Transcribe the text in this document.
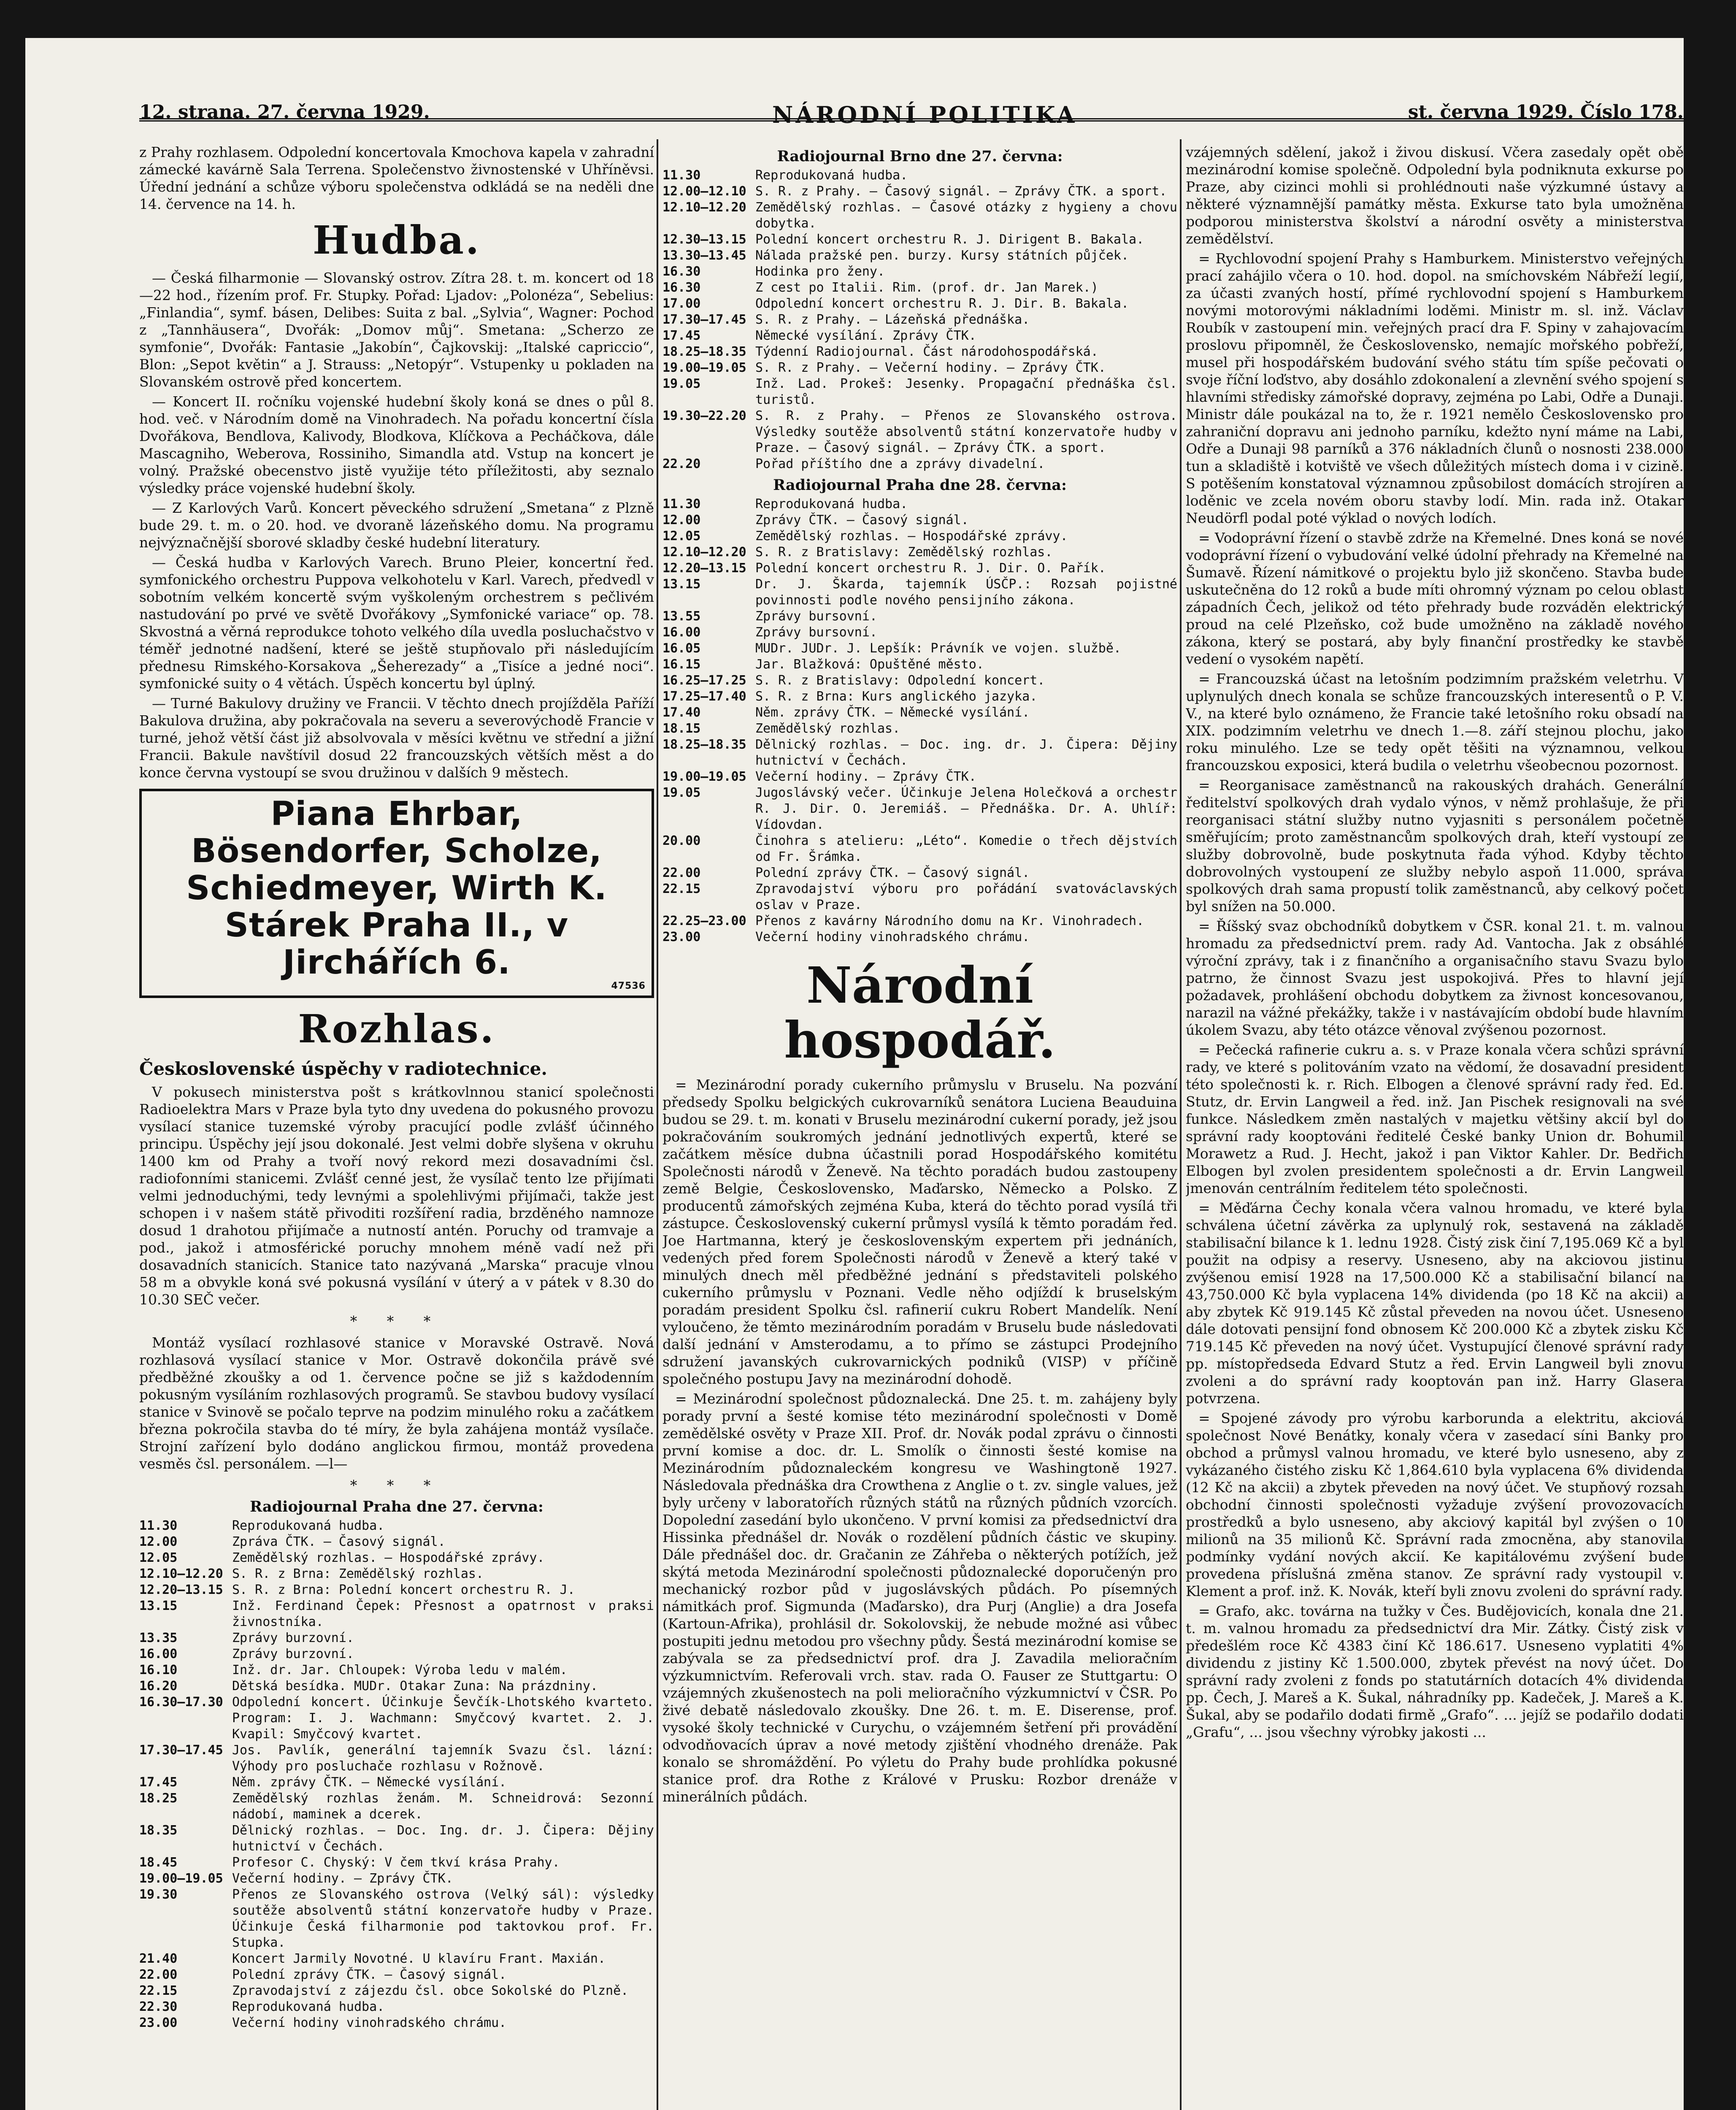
12. strana. 27. června 1929.	NÁRODNÍ POLITIKA	st. června 1929. Číslo 178.

z Prahy rozhlasem. Odpolední koncertovala Kmochova kapela v zahradní zámecké kavárně Sala Terrena. Společenstvo živnostenské v Uhříněvsi. Úřední jednání a schůze výboru společenstva odkládá se na neděli dne 14. července na 14. h.

Hudba.

— Česká filharmonie — Slovanský ostrov. Zítra 28. t. m. koncert od 18—22 hod., řízením prof. Fr. Stupky. Pořad: Ljadov: „Polonéza“, Sebelius: „Finlandia“, symf. básen, Delibes: Suita z bal. „Sylvia“, Wagner: Pochod z „Tannhäusera“, Dvořák: „Domov můj“. Smetana: „Scherzo ze symfonie“, Dvořák: Fantasie „Jakobín“, Čajkovskij: „Italské capriccio“, Blon: „Sepot květin“ a J. Strauss: „Netopýr“. Vstupenky u pokladen na Slovanském ostrově před koncertem.

— Koncert II. ročníku vojenské hudební školy koná se dnes o půl 8. hod. več. v Národním domě na Vinohradech. Na pořadu koncertní čísla Dvořákova, Bendlova, Kalivody, Blodkova, Klíčkova a Pecháčkova, dále Mascagniho, Weberova, Rossiniho, Simandla atd. Vstup na koncert je volný. Pražské obecenstvo jistě využije této příležitosti, aby seznalo výsledky práce vojenské hudební školy.

— Z Karlových Varů. Koncert pěveckého sdružení „Smetana“ z Plzně bude 29. t. m. o 20. hod. ve dvoraně lázeňského domu. Na programu nejvýznačnější sborové skladby české hudební literatury.

— Česká hudba v Karlových Varech. Bruno Pleier, koncertní řed. symfonického orchestru Puppova velkohotelu v Karl. Varech, předvedl v sobotním velkém koncertě svým vyškoleným orchestrem s pečlivém nastudování po prvé ve světě Dvořákovy „Symfonické variace“ op. 78. Skvostná a věrná reprodukce tohoto velkého díla uvedla posluchačstvo v téměř jednotné nadšení, které se ještě stupňovalo při následujícím přednesu Rimského-Korsakova „Šeherezady“ a „Tisíce a jedné noci“. symfonické suity o 4 větách. Úspěch koncertu byl úplný.

— Turné Bakulovy družiny ve Francii. V těchto dnech projížděla Paříží Bakulova družina, aby pokračovala na severu a severovýchodě Francie v turné, jehož větší část již absolvovala v měsíci květnu ve střední a jižní Francii. Bakule navštívil dosud 22 francouzských větších měst a do konce června vystoupí se svou družinou v dalších 9 městech.

Piana Ehrbar, Bösendorfer, Scholze, Schiedmeyer, Wirth K. Stárek Praha II., v Jirchářích 6.
47536
Rozhlas.
Československé úspěchy v radiotechnice.

V pokusech ministerstva pošt s krátkovlnnou stanicí společnosti Radioelektra Mars v Praze byla tyto dny uvedena do pokusného provozu vysílací stanice tuzemské výroby pracující podle zvlášť účinného principu. Úspěchy její jsou dokonalé. Jest velmi dobře slyšena v okruhu 1400 km od Prahy a tvoří nový rekord mezi dosavadními čsl. radiofonními stanicemi. Zvlášť cenné jest, že vysílač tento lze přijímati velmi jednoduchými, tedy levnými a spolehlivými přijímači, takže jest schopen i v našem státě přivoditi rozšíření radia, brzděného namnoze dosud 1 drahotou přijímače a nutností antén. Poruchy od tramvaje a pod., jakož i atmosférické poruchy mnohem méně vadí než při dosavadních stanicích. Stanice tato nazývaná „Marska“ pracuje vlnou 58 m a obvykle koná své pokusná vysílání v úterý a v pátek v 8.30 do 10.30 SEČ večer.

* * *

Montáž vysílací rozhlasové stanice v Moravské Ostravě. Nová rozhlasová vysílací stanice v Mor. Ostravě dokončila právě své předběžné zkoušky a od 1. července počne se již s každodenním pokusným vysíláním rozhlasových programů. Se stavbou budovy vysílací stanice v Svinově se počalo teprve na podzim minulého roku a začátkem března pokročila stavba do té míry, že byla zahájena montáž vysílače. Strojní zařízení bylo dodáno anglickou firmou, montáž provedena vesměs čsl. personálem. —l—

* * *

Radiojournal Praha dne 27. června:

11.30	Reprodukovaná hudba.
12.00	Zpráva ČTK. — Časový signál.
12.05	Zemědělský rozhlas. — Hospodářské zprávy.
12.10—12.20 S. R. z Brna: Zemědělský rozhlas.
12.20—13.15 S. R. z Brna: Polední koncert orchestru R. J.
13.15	Inž. Ferdinand Čepek: Přesnost a opatrnost v praksi živnostníka.
13.35	Zprávy burzovní.
16.00	Zprávy burzovní.
16.10	Inž. dr. Jar. Chloupek: Výroba ledu v malém.
16.20	Dětská besídka. MUDr. Otakar Zuna: Na prázdniny.
16.30—17.30 Odpolední koncert. Účinkuje Ševčík-Lhotského kvarteto. Program: I. J. Wachmann: Smyčcový kvartet. 2. J. Kvapil: Smyčcový kvartet.
17.30—17.45 Jos. Pavlík, generální tajemník Svazu čsl. lázní: Výhody pro posluchače rozhlasu v Rožnově.
17.45	Něm. zprávy ČTK. — Německé vysílání.
18.25	Zemědělský rozhlas ženám. M. Schneidrová: Sezonní nádobí, maminek a dcerek.
18.35	Dělnický rozhlas. — Doc. Ing. dr. J. Čipera: Dějiny hutnictví v Čechách.
18.45	Profesor C. Chyský: V čem tkví krása Prahy.
19.00—19.05 Večerní hodiny. — Zprávy ČTK.
19.30	Přenos ze Slovanského ostrova (Velký sál): výsledky soutěže absolventů státní konzervatoře hudby v Praze. Účinkuje Česká filharmonie pod taktovkou prof. Fr. Stupka.
21.40	Koncert Jarmily Novotné. U klavíru Frant. Maxián.
22.00	Polední zprávy ČTK. — Časový signál.
22.15	Zpravodajství z zájezdu čsl. obce Sokolské do Plzně.
22.30	Reprodukovaná hudba.
23.00	Večerní hodiny vinohradského chrámu.

Radiojournal Brno dne 27. června:

11.30	Reprodukovaná hudba.
12.00—12.10 S. R. z Prahy. — Časový signál. — Zprávy ČTK. a sport.
12.10—12.20 Zemědělský rozhlas. — Časové otázky z hygieny a chovu dobytka.
12.30—13.15 Polední koncert orchestru R. J. Dirigent B. Bakala.
13.30—13.45 Nálada pražské pen. burzy. Kursy státních půjček.
16.30	Hodinka pro ženy.
16.30	Z cest po Italii. Rim. (prof. dr. Jan Marek.)
17.00	Odpolední koncert orchestru R. J. Dir. B. Bakala.
17.30—17.45 S. R. z Prahy. — Lázeňská přednáška.
17.45	Německé vysílání. Zprávy ČTK.
18.25—18.35 Týdenní Radiojournal. Část národohospodářská.
19.00—19.05 S. R. z Prahy. — Večerní hodiny. — Zprávy ČTK.
19.05	Inž. Lad. Prokeš: Jesenky. Propagační přednáška čsl. turistů.
19.30—22.20 S. R. z Prahy. — Přenos ze Slovanského ostrova. Výsledky soutěže absolventů státní konzervatoře hudby v Praze. — Časový signál. — Zprávy ČTK. a sport.
22.20	Pořad příštího dne a zprávy divadelní.

Radiojournal Praha dne 28. června:

11.30	Reprodukovaná hudba.
12.00	Zprávy ČTK. — Časový signál.
12.05	Zemědělský rozhlas. — Hospodářské zprávy.
12.10—12.20 S. R. z Bratislavy: Zemědělský rozhlas.
12.20—13.15 Polední koncert orchestru R. J. Dir. O. Pařík.
13.15	Dr. J. Škarda, tajemník ÚSČP.: Rozsah pojistné povinnosti podle nového pensijního zákona.
13.55	Zprávy bursovní.
16.00	Zprávy bursovní.
16.05	MUDr. JUDr. J. Lepšík: Právník ve vojen. službě.
16.15	Jar. Blažková: Opuštěné město.
16.25—17.25 S. R. z Bratislavy: Odpolední koncert.
17.25—17.40 S. R. z Brna: Kurs anglického jazyka.
17.40	Něm. zprávy ČTK. — Německé vysílání.
18.15	Zemědělský rozhlas.
18.25—18.35 Dělnický rozhlas. — Doc. ing. dr. J. Čipera: Dějiny hutnictví v Čechách.
19.00—19.05 Večerní hodiny. — Zprávy ČTK.
19.05	Jugoslávský večer. Účinkuje Jelena Holečková a orchestr R. J. Dir. O. Jeremiáš. — Přednáška. Dr. A. Uhlíř: Vídovdan.
20.00	Činohra s atelieru: „Léto“. Komedie o třech dějstvích od Fr. Šrámka.
22.00	Polední zprávy ČTK. — Časový signál.
22.15	Zpravodajství výboru pro pořádání svatováclavských oslav v Praze.
22.25—23.00 Přenos z kavárny Národního domu na Kr. Vinohradech.
23.00	Večerní hodiny vinohradského chrámu.
Národní hospodář.

= Mezinárodní porady cukerního průmyslu v Bruselu. Na pozvání předsedy Spolku belgických cukrovarníků senátora Luciena Beauduina budou se 29. t. m. konati v Bruselu mezinárodní cukerní porady, jež jsou pokračováním soukromých jednání jednotlivých expertů, které se začátkem měsíce dubna účastnili porad Hospodářského komitétu Společnosti národů v Ženevě. Na těchto poradách budou zastoupeny země Belgie, Československo, Maďarsko, Německo a Polsko. Z producentů zámořských zejména Kuba, která do těchto porad vysílá tři zástupce. Československý cukerní průmysl vysílá k těmto poradám řed. Joe Hartmanna, který je československým expertem při jednáních, vedených před forem Společnosti národů v Ženevě a který také v minulých dnech měl předběžné jednání s představiteli polského cukerního průmyslu v Poznani. Vedle něho odjíždí k bruselským poradám president Spolku čsl. rafinerií cukru Robert Mandelík. Není vyloučeno, že těmto mezinárodním poradám v Bruselu bude následovati další jednání v Amsterodamu, a to přímo se zástupci Prodejního sdružení javanských cukrovarnických podniků (VISP) v příčině společného postupu Javy na mezinárodní dohodě.

= Mezinárodní společnost půdoznalecká. Dne 25. t. m. zahájeny byly porady první a šesté komise této mezinárodní společnosti v Domě zemědělské osvěty v Praze XII. Prof. dr. Novák podal zprávu o činnosti první komise a doc. dr. L. Smolík o činnosti šesté komise na Mezinárodním půdoznaleckém kongresu ve Washingtoně 1927. Následovala přednáška dra Crowthena z Anglie o t. zv. single values, jež byly určeny v laboratořích různých států na různých půdních vzorcích. Dopolední zasedání bylo ukončeno. V první komisi za předsednictví dra Hissinka přednášel dr. Novák o rozdělení půdních částic ve skupiny. Dále přednášel doc. dr. Gračanin ze Záhřeba o některých potížích, jež skýtá metoda Mezinárodní společnosti půdoznalecké doporučenýn pro mechanický rozbor půd v jugoslávských půdách. Po písemných námitkách prof. Sigmunda (Maďarsko), dra Purj (Anglie) a dra Josefa (Kartoun-Afrika), prohlásil dr. Sokolovskij, že nebude možné asi vůbec postupiti jednu metodou pro všechny půdy. Šestá mezinárodní komise se zabývala se za předsednictví prof. dra J. Zavadila melioračním výzkumnictvím. Referovali vrch. stav. rada O. Fauser ze Stuttgartu: O vzájemných zkušenostech na poli melioračního výzkumnictví v ČSR. Po živé debatě následovalo zkoušky. Dne 26. t. m. E. Diserense, prof. vysoké školy technické v Curychu, o vzájemném šetření při provádění odvodňovacích úprav a nové metody zjištění vhodného drenáže. Pak konalo se shromáždění. Po výletu do Prahy bude prohlídka pokusné stanice prof. dra Rothe z Králové v Prusku: Rozbor drenáže v minerálních půdách.

vzájemných sdělení, jakož i živou diskusí. Včera zasedaly opět obě mezinárodní komise společně. Odpolední byla podniknuta exkurse po Praze, aby cizinci mohli si prohlédnouti naše výzkumné ústavy a některé významnější památky města. Exkurse tato byla umožněna podporou ministerstva školství a národní osvěty a ministerstva zemědělství.

= Rychlovodní spojení Prahy s Hamburkem. Ministerstvo veřejných prací zahájilo včera o 10. hod. dopol. na smíchovském Nábřeží legií, za účasti zvaných hostí, přímé rychlovodní spojení s Hamburkem novými motorovými nákladními loděmi. Ministr m. sl. inž. Václav Roubík v zastoupení min. veřejných prací dra F. Spiny v zahajovacím proslovu připomněl, že Československo, nemajíc mořského pobřeží, musel při hospodářském budování svého státu tím spíše pečovati o svoje říční loďstvo, aby dosáhlo zdokonalení a zlevnění svého spojení s hlavními středisky zámořské dopravy, zejména po Labi, Odře a Dunaji. Ministr dále poukázal na to, že r. 1921 nemělo Československo pro zahraniční dopravu ani jednoho parníku, kdežto nyní máme na Labi, Odře a Dunaji 98 parníků a 376 nákladních člunů o nosnosti 238.000 tun a skladiště i kotviště ve všech důležitých místech doma i v cizině. S potěšením konstatoval významnou způsobilost domácích strojíren a loděnic ve zcela novém oboru stavby lodí. Min. rada inž. Otakar Neudörfl podal poté výklad o nových lodích.

= Vodoprávní řízení o stavbě zdrže na Křemelné. Dnes koná se nové vodoprávní řízení o vybudování velké údolní přehrady na Křemelné na Šumavě. Řízení námitkové o projektu bylo již skončeno. Stavba bude uskutečněna do 12 roků a bude míti ohromný význam po celou oblast západních Čech, jelikož od této přehrady bude rozváděn elektrický proud na celé Plzeňsko, což bude umožněno na základě nového zákona, který se postará, aby byly finanční prostředky ke stavbě vedení o vysokém napětí.

= Francouzská účast na letošním podzimním pražském veletrhu. V uplynulých dnech konala se schůze francouzských interesentů o P. V. V., na které bylo oznámeno, že Francie také letošního roku obsadí na XIX. podzimním veletrhu ve dnech 1.—8. září stejnou plochu, jako roku minulého. Lze se tedy opět těšiti na významnou, velkou francouzskou exposici, která budila o veletrhu všeobecnou pozornost.

= Reorganisace zaměstnanců na rakouských drahách. Generální ředitelství spolkových drah vydalo výnos, v němž prohlašuje, že při reorganisaci státní služby nutno vyjasniti s personálem početně směřujícím; proto zaměstnancům spolkových drah, kteří vystoupí ze služby dobrovolně, bude poskytnuta řada výhod. Kdyby těchto dobrovolných vystoupení ze služby nebylo aspoň 11.000, správa spolkových drah sama propustí tolik zaměstnanců, aby celkový počet byl snížen na 50.000.

= Říšský svaz obchodníků dobytkem v ČSR. konal 21. t. m. valnou hromadu za předsednictví prem. rady Ad. Vantocha. Jak z obsáhlé výroční zprávy, tak i z finančního a organisačního stavu Svazu bylo patrno, že činnost Svazu jest uspokojivá. Přes to hlavní její požadavek, prohlášení obchodu dobytkem za živnost koncesovanou, narazil na vážné překážky, takže i v nastávajícím období bude hlavním úkolem Svazu, aby této otázce věnoval zvýšenou pozornost.

= Pečecká rafinerie cukru a. s. v Praze konala včera schůzi správní rady, ve které s politováním vzato na vědomí, že dosavadní president této společnosti k. r. Rich. Elbogen a členové správní rady řed. Ed. Stutz, dr. Ervin Langweil a řed. inž. Jan Pischek resignovali na své funkce. Následkem změn nastalých v majetku většiny akcií byl do správní rady kooptováni ředitelé České banky Union dr. Bohumil Morawetz a Rud. J. Hecht, jakož i pan Viktor Kahler. Dr. Bedřich Elbogen byl zvolen presidentem společnosti a dr. Ervin Langweil jmenován centrálním ředitelem této společnosti.

= Měďárna Čechy konala včera valnou hromadu, ve které byla schválena účetní závěrka za uplynulý rok, sestavená na základě stabilisační bilance k 1. lednu 1928. Čistý zisk činí 7,195.069 Kč a byl použit na odpisy a reservy. Usneseno, aby na akciovou jistinu zvýšenou emisí 1928 na 17,500.000 Kč a stabilisační bilancí na 43,750.000 Kč byla vyplacena 14% dividenda (po 18 Kč na akcii) a aby zbytek Kč 919.145 Kč zůstal převeden na novou účet. Usneseno dále dotovati pensijní fond obnosem Kč 200.000 Kč a zbytek zisku Kč 719.145 Kč převeden na nový účet. Vystupující členové správní rady pp. místopředseda Edvard Stutz a řed. Ervin Langweil byli znovu zvoleni a do správní rady kooptován pan inž. Harry Glasera potvrzena.

= Spojené závody pro výrobu karborunda a elektritu, akciová společnost Nové Benátky, konaly včera v zasedací síni Banky pro obchod a průmysl valnou hromadu, ve které bylo usneseno, aby z vykázaného čistého zisku Kč 1,864.610 byla vyplacena 6% dividenda (12 Kč na akcii) a zbytek převeden na nový účet. Ve stupňový rozsah obchodní činnosti společnosti vyžaduje zvýšení provozovacích prostředků a bylo usneseno, aby akciový kapitál byl zvýšen o 10 milionů na 35 milionů Kč. Správní rada zmocněna, aby stanovila podmínky vydání nových akcií. Ke kapitálovému zvýšení bude provedena příslušná změna stanov. Ze správní rady vystoupil v. Klement a prof. inž. K. Novák, kteří byli znovu zvoleni do správní rady.

= Grafo, akc. továrna na tužky v Čes. Budějovicích, konala dne 21. t. m. valnou hromadu za předsednictví dra Mir. Zátky. Čistý zisk v předešlém roce Kč 4383 činí Kč 186.617. Usneseno vyplatiti 4% dividendu z jistiny Kč 1.500.000, zbytek převést na nový účet. Do správní rady zvoleni z fonds po statutárních dotacích 4% dividenda pp. Čech, J. Mareš a K. Šukal, náhradníky pp. Kadeček, J. Mareš a K. Šukal, aby se podařilo dodati firmě „Grafo“. ... jejíž se podařilo dodati „Grafu“, ... jsou všechny výrobky jakosti ...
